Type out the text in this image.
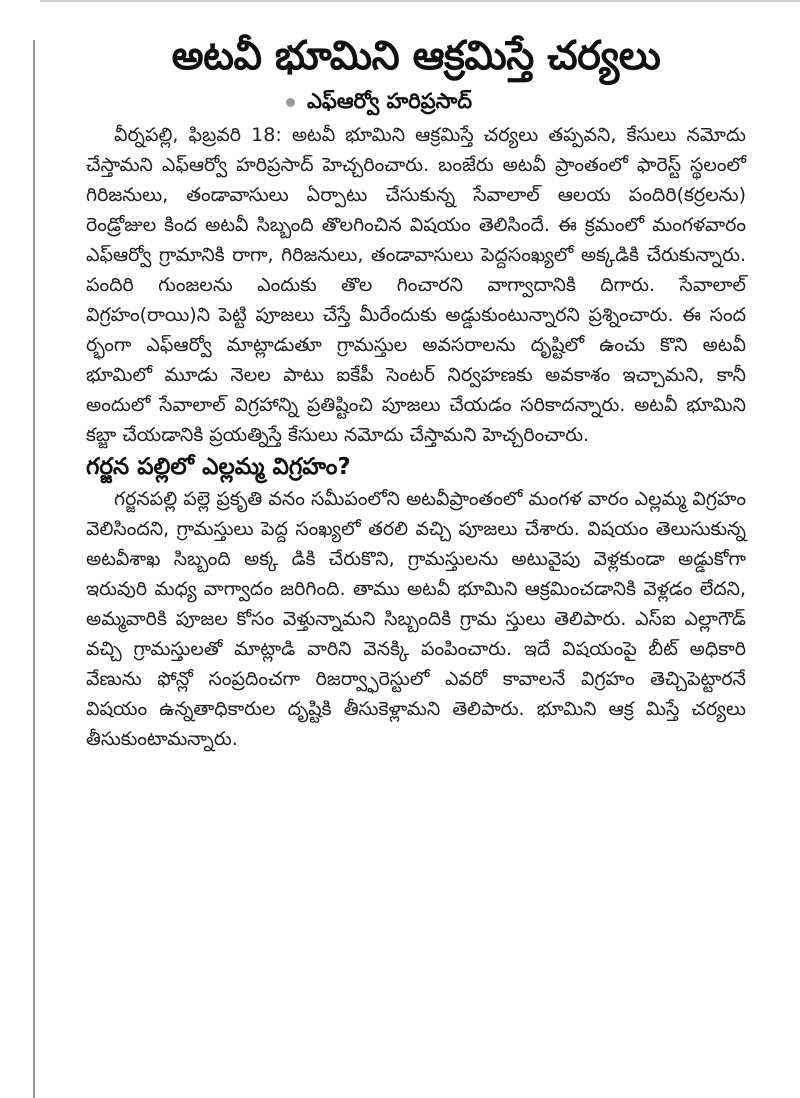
అటవీ భూమిని ఆక్రమిస్తే చర్యలు
ఎఫ్ఆర్వో హరిప్రసాద్

వీర్నపల్లి, ఫిబ్రవరి 18: అటవీ భూమిని ఆక్రమిస్తే చర్యలు తప్పవని, కేసులు నమోదు చేస్తామని ఎఫ్ఆర్వో హరిప్రసాద్ హెచ్చరించారు. బంజేరు అటవీ ప్రాంతంలో ఫారెస్ట్ స్థలంలో గిరిజనులు, తండావాసులు ఏర్పాటు చేసుకున్న సేవాలాల్ ఆలయ పందిరి(కర్రలను) రెండ్రోజుల కింద అటవీ సిబ్బంది తొలగించిన విషయం తెలిసిందే. ఈ క్రమంలో మంగళవారం ఎఫ్ఆర్వో గ్రామానికి రాగా, గిరిజనులు, తండావాసులు పెద్దసంఖ్యలో అక్కడికి చేరుకున్నారు. పందిరి గుంజలను ఎందుకు తొల గించారని వాగ్వాదానికి దిగారు. సేవాలాల్ విగ్రహం(రాయి)ని పెట్టి పూజలు చేస్తే మీరేందుకు అడ్డుకుంటున్నారని ప్రశ్నించారు. ఈ సంద ర్భంగా ఎఫ్ఆర్వో మాట్లాడుతూ గ్రామస్తుల అవసరాలను దృష్టిలో ఉంచు కొని అటవీ భూమిలో మూడు నెలల పాటు ఐకేపీ సెంటర్ నిర్వహణకు అవకాశం ఇచ్చామని, కానీ అందులో సేవాలాల్ విగ్రహాన్ని ప్రతిష్టించి పూజలు చేయడం సరికాదన్నారు. అటవీ భూమిని కబ్జా చేయడానికి ప్రయత్నిస్తే కేసులు నమోదు చేస్తామని హెచ్చరించారు.

గర్జన పల్లిలో ఎల్లమ్మ విగ్రహం?

గర్జనపల్లి పల్లె ప్రకృతి వనం సమీపంలోని అటవీప్రాంతంలో మంగళ వారం ఎల్లమ్మ విగ్రహం వెలిసిందని, గ్రామస్తులు పెద్ద సంఖ్యలో తరలి వచ్చి పూజలు చేశారు. విషయం తెలుసుకున్న అటవీశాఖ సిబ్బంది అక్క డికి చేరుకొని, గ్రామస్తులను అటువైపు వెళ్లకుండా అడ్డుకోగా ఇరువురి మధ్య వాగ్వాదం జరిగింది. తాము అటవీ భూమిని ఆక్రమించడానికి వెళ్లడం లేదని, అమ్మవారికి పూజల కోసం వెళ్తున్నామని సిబ్బందికి గ్రామ స్తులు తెలిపారు. ఎస్ఐ ఎల్లాగౌడ్ వచ్చి గ్రామస్తులతో మాట్లాడి వారిని వెనక్కి పంపించారు. ఇదే విషయంపై బీట్ అధికారి వేణును ఫోన్లో సంప్రదించగా రిజర్వ్ఫారెస్టులో ఎవరో కావాలనే విగ్రహం తెచ్చిపెట్టారనే విషయం ఉన్నతాధికారుల దృష్టికి తీసుకెళ్లామని తెలిపారు. భూమిని ఆక్ర మిస్తే చర్యలు తీసుకుంటామన్నారు.
